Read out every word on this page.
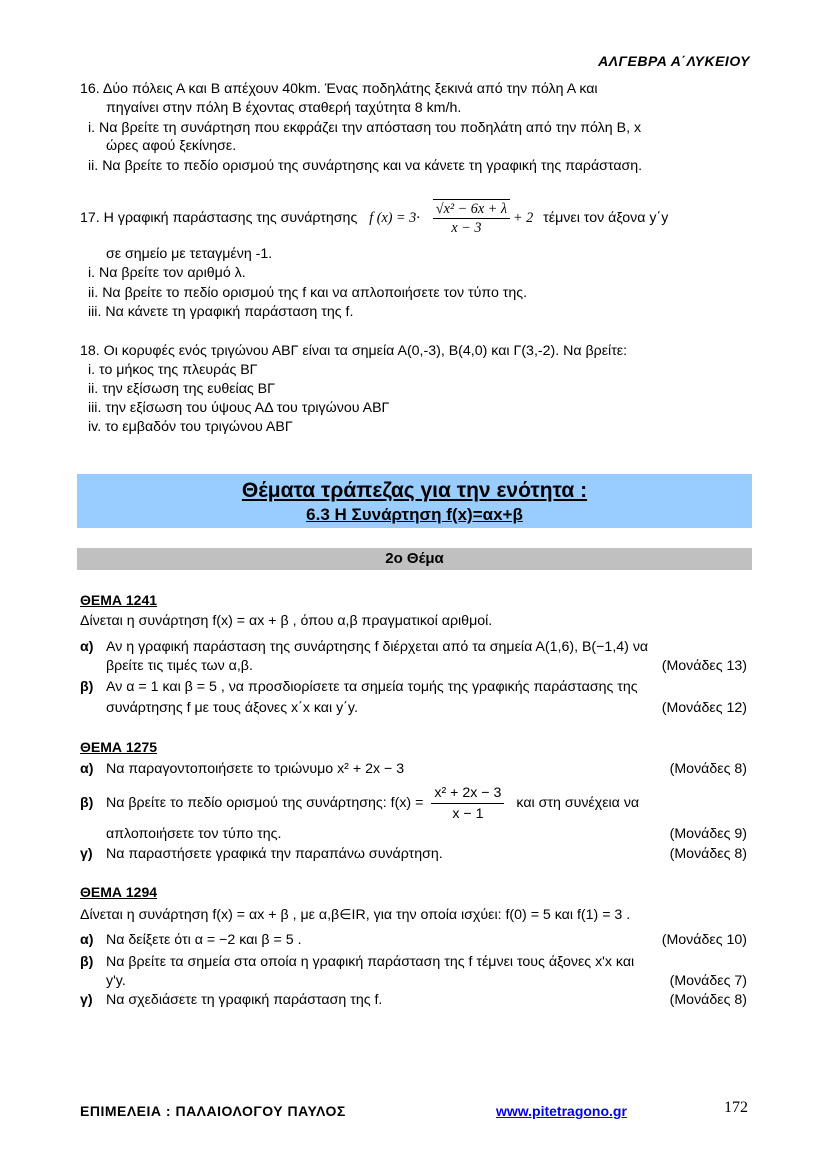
ΑΛΓΕΒΡΑ Α΄ΛΥΚΕΙΟΥ
16. Δύο πόλεις Α και Β απέχουν 40km. Ένας ποδηλάτης ξεκινά από την πόλη Α και
πηγαίνει στην πόλη Β έχοντας σταθερή ταχύτητα 8 km/h.
i. Να βρείτε τη συνάρτηση που εκφράζει την απόσταση του ποδηλάτη από την πόλη Β, x
ώρες αφού ξεκίνησε.
ii. Να βρείτε το πεδίο ορισμού της συνάρτησης και να κάνετε τη γραφική της παράσταση.
17. Η γραφική παράστασης της συνάρτησης f $(x) = 3\cdot \frac{\text{√x² − 6x + λ}}{x - 3} + 2$ τέμνει τον άξονα y΄y
σε σημείο με τεταγμένη -1.
i. Να βρείτε τον αριθμό λ.
ii. Να βρείτε το πεδίο ορισμού της f και να απλοποιήσετε τον τύπο της.
iii. Να κάνετε τη γραφική παράσταση της f.
18. Οι κορυφές ενός τριγώνου ΑΒΓ είναι τα σημεία Α(0,-3), Β(4,0) και Γ(3,-2). Να βρείτε:
i. το μήκος της πλευράς ΒΓ
ii. την εξίσωση της ευθείας ΒΓ
iii. την εξίσωση του ύψους ΑΔ του τριγώνου ΑΒΓ
iv. το εμβαδόν του τριγώνου ΑΒΓ
Θέματα τράπεζας για την ενότητα :
6.3 Η Συνάρτηση f(x)=αx+β
2ο Θέμα
ΘΕΜΑ 1241
Δίνεται η συνάρτηση f(x) = αx + β , όπου α,β πραγματικοί αριθμοί.
α) Αν η γραφική παράσταση της συνάρτησης f διέρχεται από τα σημεία Α(1,6), Β(−1,4) να
βρείτε τις τιμές των α,β.	(Μονάδες 13)
β) Αν α = 1 και β = 5 , να προσδιορίσετε τα σημεία τομής της γραφικής παράστασης της
συνάρτησης f με τους άξονες x΄x και y΄y.	(Μονάδες 12)
ΘΕΜΑ 1275
α) Να παραγοντοποιήσετε το τριώνυμο x² + 2x − 3	(Μονάδες 8)
β) Να βρείτε το πεδίο ορισμού της συνάρτησης: $f(x) = \frac{\text{x² + 2x − 3}}{x - 1}$ και στη συνέχεια να
απλοποιήσετε τον τύπο της.	(Μονάδες 9)
γ) Να παραστήσετε γραφικά την παραπάνω συνάρτηση.	(Μονάδες 8)
ΘΕΜΑ 1294
Δίνεται η συνάρτηση f(x) = αx + β , με α,β∈IR, για την οποία ισχύει: f(0) = 5 και f(1) = 3 .
α) Να δείξετε ότι α = −2 και β = 5 .	(Μονάδες 10)
β) Να βρείτε τα σημεία στα οποία η γραφική παράσταση της f τέμνει τους άξονες x'x και
y'y.	(Μονάδες 7)
γ) Να σχεδιάσετε τη γραφική παράσταση της f.	(Μονάδες 8)
ΕΠΙΜΕΛΕΙΑ : ΠΑΛΑΙΟΛΟΓΟΥ ΠΑΥΛΟΣ	www.pitetragono.gr	172
